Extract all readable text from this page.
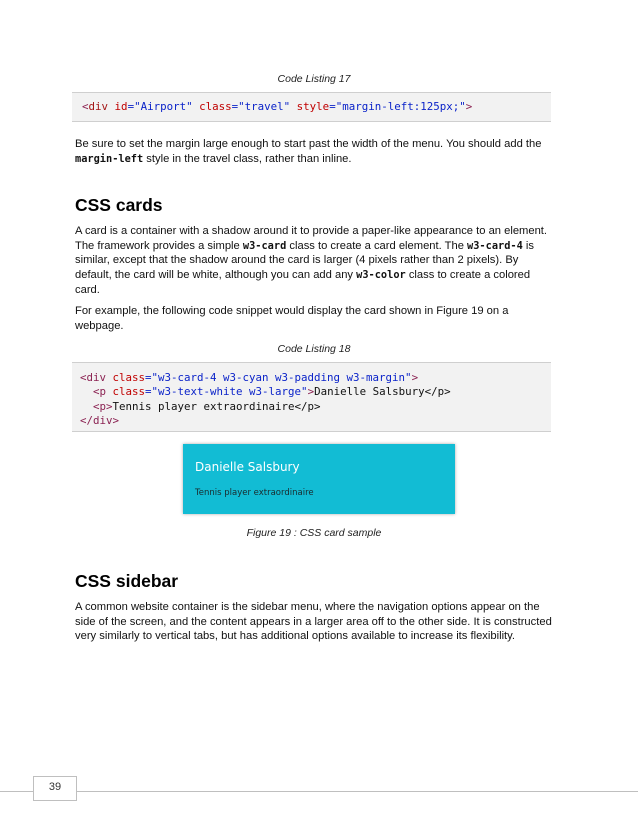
Code Listing 17
<div id="Airport" class="travel" style="margin-left:125px;">
Be sure to set the margin large enough to start past the width of the menu. You should add the margin-left style in the travel class, rather than inline.
CSS cards
A card is a container with a shadow around it to provide a paper-like appearance to an element. The framework provides a simple w3-card class to create a card element. The w3-card-4 is similar, except that the shadow around the card is larger (4 pixels rather than 2 pixels). By default, the card will be white, although you can add any w3-color class to create a colored card.
For example, the following code snippet would display the card shown in Figure 19 on a webpage.
Code Listing 18
<div class="w3-card-4 w3-cyan w3-padding w3-margin">
<p class="w3-text-white w3-large">Danielle Salsbury</p>
<p>Tennis player extraordinaire</p>
</div>
Danielle Salsbury
Tennis player extraordinaire
Figure 19 : CSS card sample
CSS sidebar
A common website container is the sidebar menu, where the navigation options appear on the side of the screen, and the content appears in a larger area off to the other side. It is constructed very similarly to vertical tabs, but has additional options available to increase its flexibility.
39
